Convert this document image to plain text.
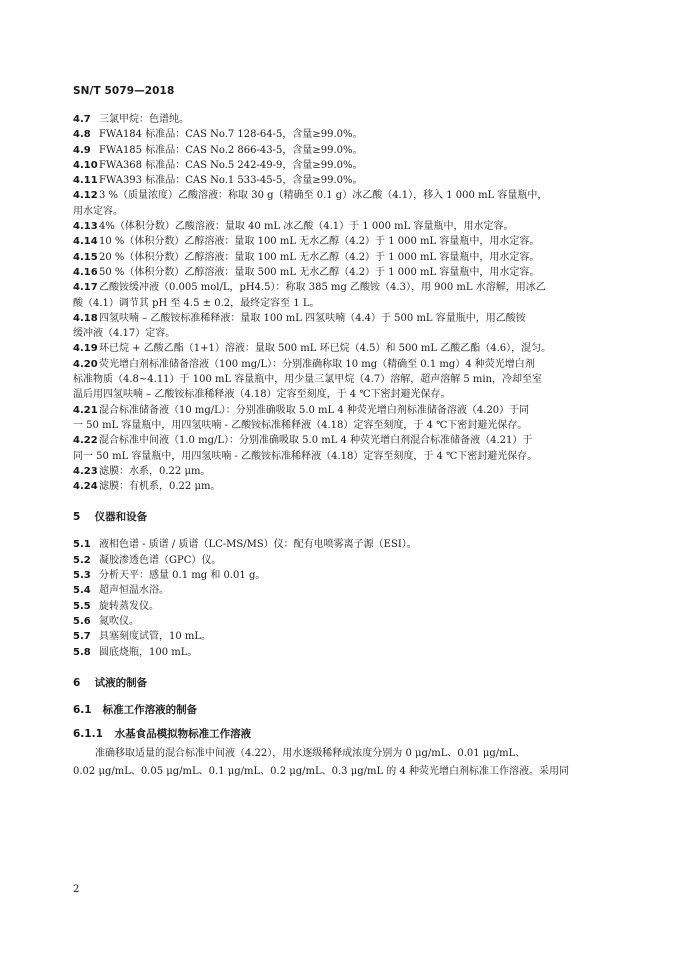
SN/T 5079—2018
4.7 三氯甲烷：色谱纯。
4.8 FWA184 标准品：CAS No.7 128-64-5，含量≥99.0%。
4.9 FWA185 标准品：CAS No.2 866-43-5，含量≥99.0%。
4.10FWA368 标准品：CAS No.5 242-49-9，含量≥99.0%。
4.11FWA393 标准品：CAS No.1 533-45-5，含量≥99.0%。
4.123 %（质量浓度）乙酸溶液：称取 30 g（精确至 0.1 g）冰乙酸（4.1），移入 1 000 mL 容量瓶中，
用水定容。
4.134%（体积分数）乙酸溶液：量取 40 mL 冰乙酸（4.1）于 1 000 mL 容量瓶中，用水定容。
4.1410 %（体积分数）乙醇溶液：量取 100 mL 无水乙醇（4.2）于 1 000 mL 容量瓶中，用水定容。
4.1520 %（体积分数）乙醇溶液：量取 100 mL 无水乙醇（4.2）于 1 000 mL 容量瓶中，用水定容。
4.1650 %（体积分数）乙醇溶液：量取 500 mL 无水乙醇（4.2）于 1 000 mL 容量瓶中，用水定容。
4.17乙酸铵缓冲液（0.005 mol/L，pH4.5）：称取 385 mg 乙酸铵（4.3），用 900 mL 水溶解，用冰乙
酸（4.1）调节其 pH 至 4.5 ± 0.2，最终定容至 1 L。
4.18四氢呋喃 – 乙酸铵标准稀释液：量取 100 mL 四氢呋喃（4.4）于 500 mL 容量瓶中，用乙酸铵
缓冲液（4.17）定容。
4.19环已烷 + 乙酸乙酯（1+1）溶液：量取 500 mL 环已烷（4.5）和 500 mL 乙酸乙酯（4.6），混匀。
4.20荧光增白剂标准储备溶液（100 mg/L）：分别准确称取 10 mg（精确至 0.1 mg）4 种荧光增白剂
标准物质（4.8~4.11）于 100 mL 容量瓶中，用少量三氯甲烷（4.7）溶解，超声溶解 5 min，冷却至室
温后用四氢呋喃 – 乙酸铵标准稀释液（4.18）定容至刻度，于 4 ℃下密封避光保存。
4.21混合标准储备液（10 mg/L）：分别准确吸取 5.0 mL 4 种荧光增白剂标准储备溶液（4.20）于同
一 50 mL 容量瓶中，用四氢呋喃 - 乙酸铵标准稀释液（4.18）定容至刻度，于 4 ℃下密封避光保存。
4.22混合标准中间液（1.0 mg/L）：分别准确吸取 5.0 mL 4 种荧光增白剂混合标准储备液（4.21）于
同一 50 mL 容量瓶中，用四氢呋喃 - 乙酸铵标准稀释液（4.18）定容至刻度，于 4 ℃下密封避光保存。
4.23滤膜：水系，0.22 μm。
4.24滤膜：有机系，0.22 μm。
5 仪器和设备
5.1 液相色谱 - 质谱 / 质谱（LC-MS/MS）仪：配有电喷雾离子源（ESI）。
5.2 凝胶渗透色谱（GPC）仪。
5.3 分析天平：感量 0.1 mg 和 0.01 g。
5.4 超声恒温水浴。
5.5 旋转蒸发仪。
5.6 氮吹仪。
5.7 具塞刻度试管，10 mL。
5.8 圆底烧瓶，100 mL。
6 试液的制备
6.1 标准工作溶液的制备
6.1.1 水基食品模拟物标准工作溶液
准确移取适量的混合标准中间液（4.22），用水逐级稀释成浓度分别为 0 μg/mL、0.01 μg/mL、
0.02 μg/mL、0.05 μg/mL、0.1 μg/mL、0.2 μg/mL、0.3 μg/mL 的 4 种荧光增白剂标准工作溶液。采用同
2
